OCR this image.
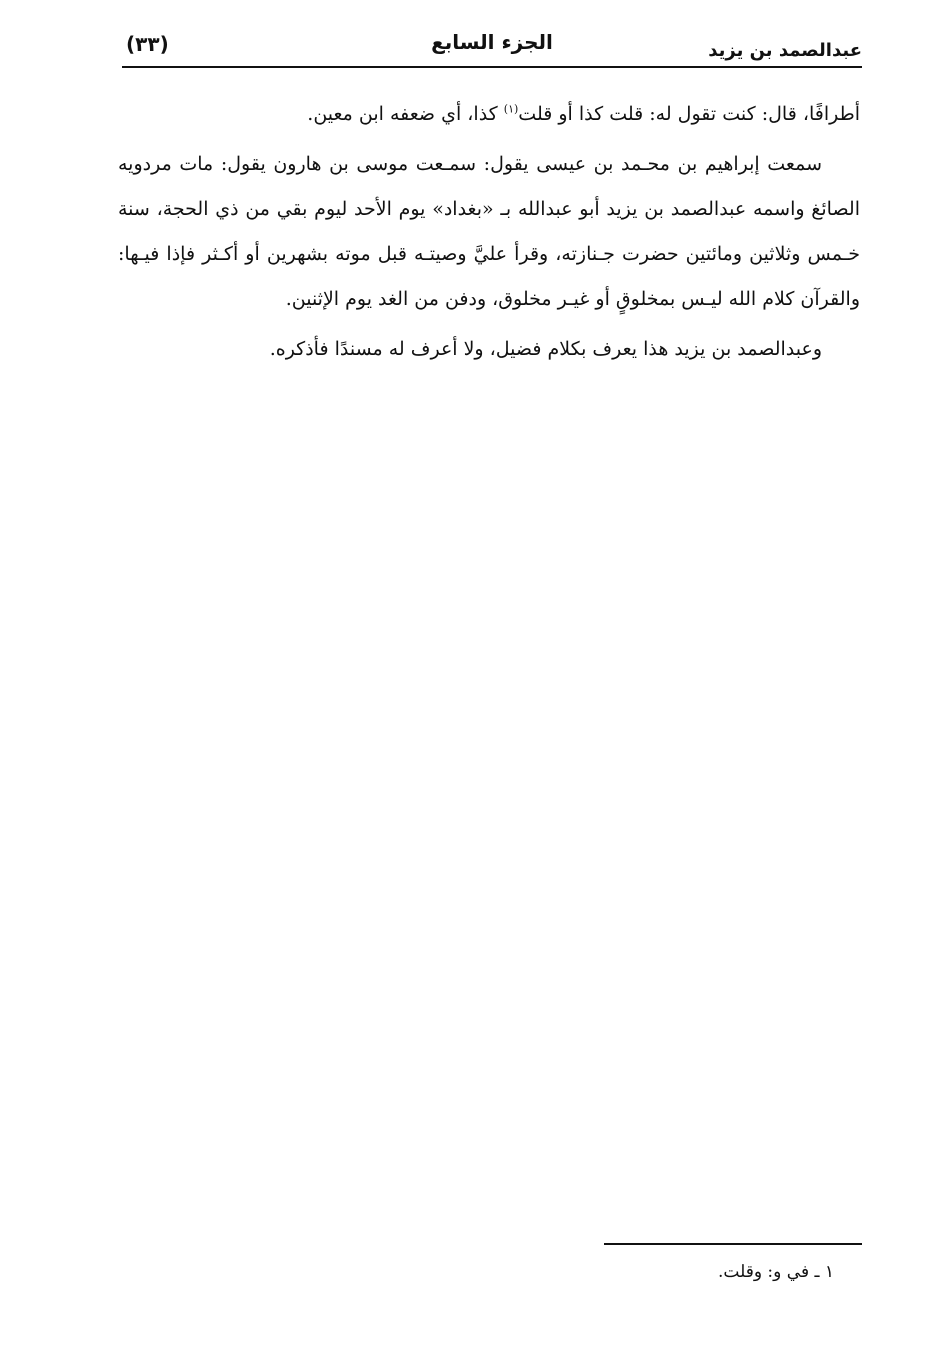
عبدالصمد بن يزيد
الجزء السابع
(٣٣)

أطرافًا، قال: كنت تقول له: قلت كذا أو قلت$^{(١)}$ كذا، أي ضعفه ابن معين.

سمعت إبراهيم بن محـمد بن عيسى يقول: سمـعت موسى بن هارون يقول: مات مردويه الصائغ واسمه عبدالصمد بن يزيد أبو عبدالله بـ «بغداد» يوم الأحد ليوم بقي من ذي الحجة، سنة خـمس وثلاثين ومائتين حضرت جـنازته، وقرأ عليَّ وصيتـه قبل موته بشهرين أو أكـثر فإذا فيـها: والقرآن كلام الله ليـس بمخلوقٍ أو غيـر مخلوق، ودفن من الغد يوم الإثنين.

وعبدالصمد بن يزيد هذا يعرف بكلام فضيل، ولا أعرف له مسندًا فأذكره.

١ ـ في و: وقلت.
